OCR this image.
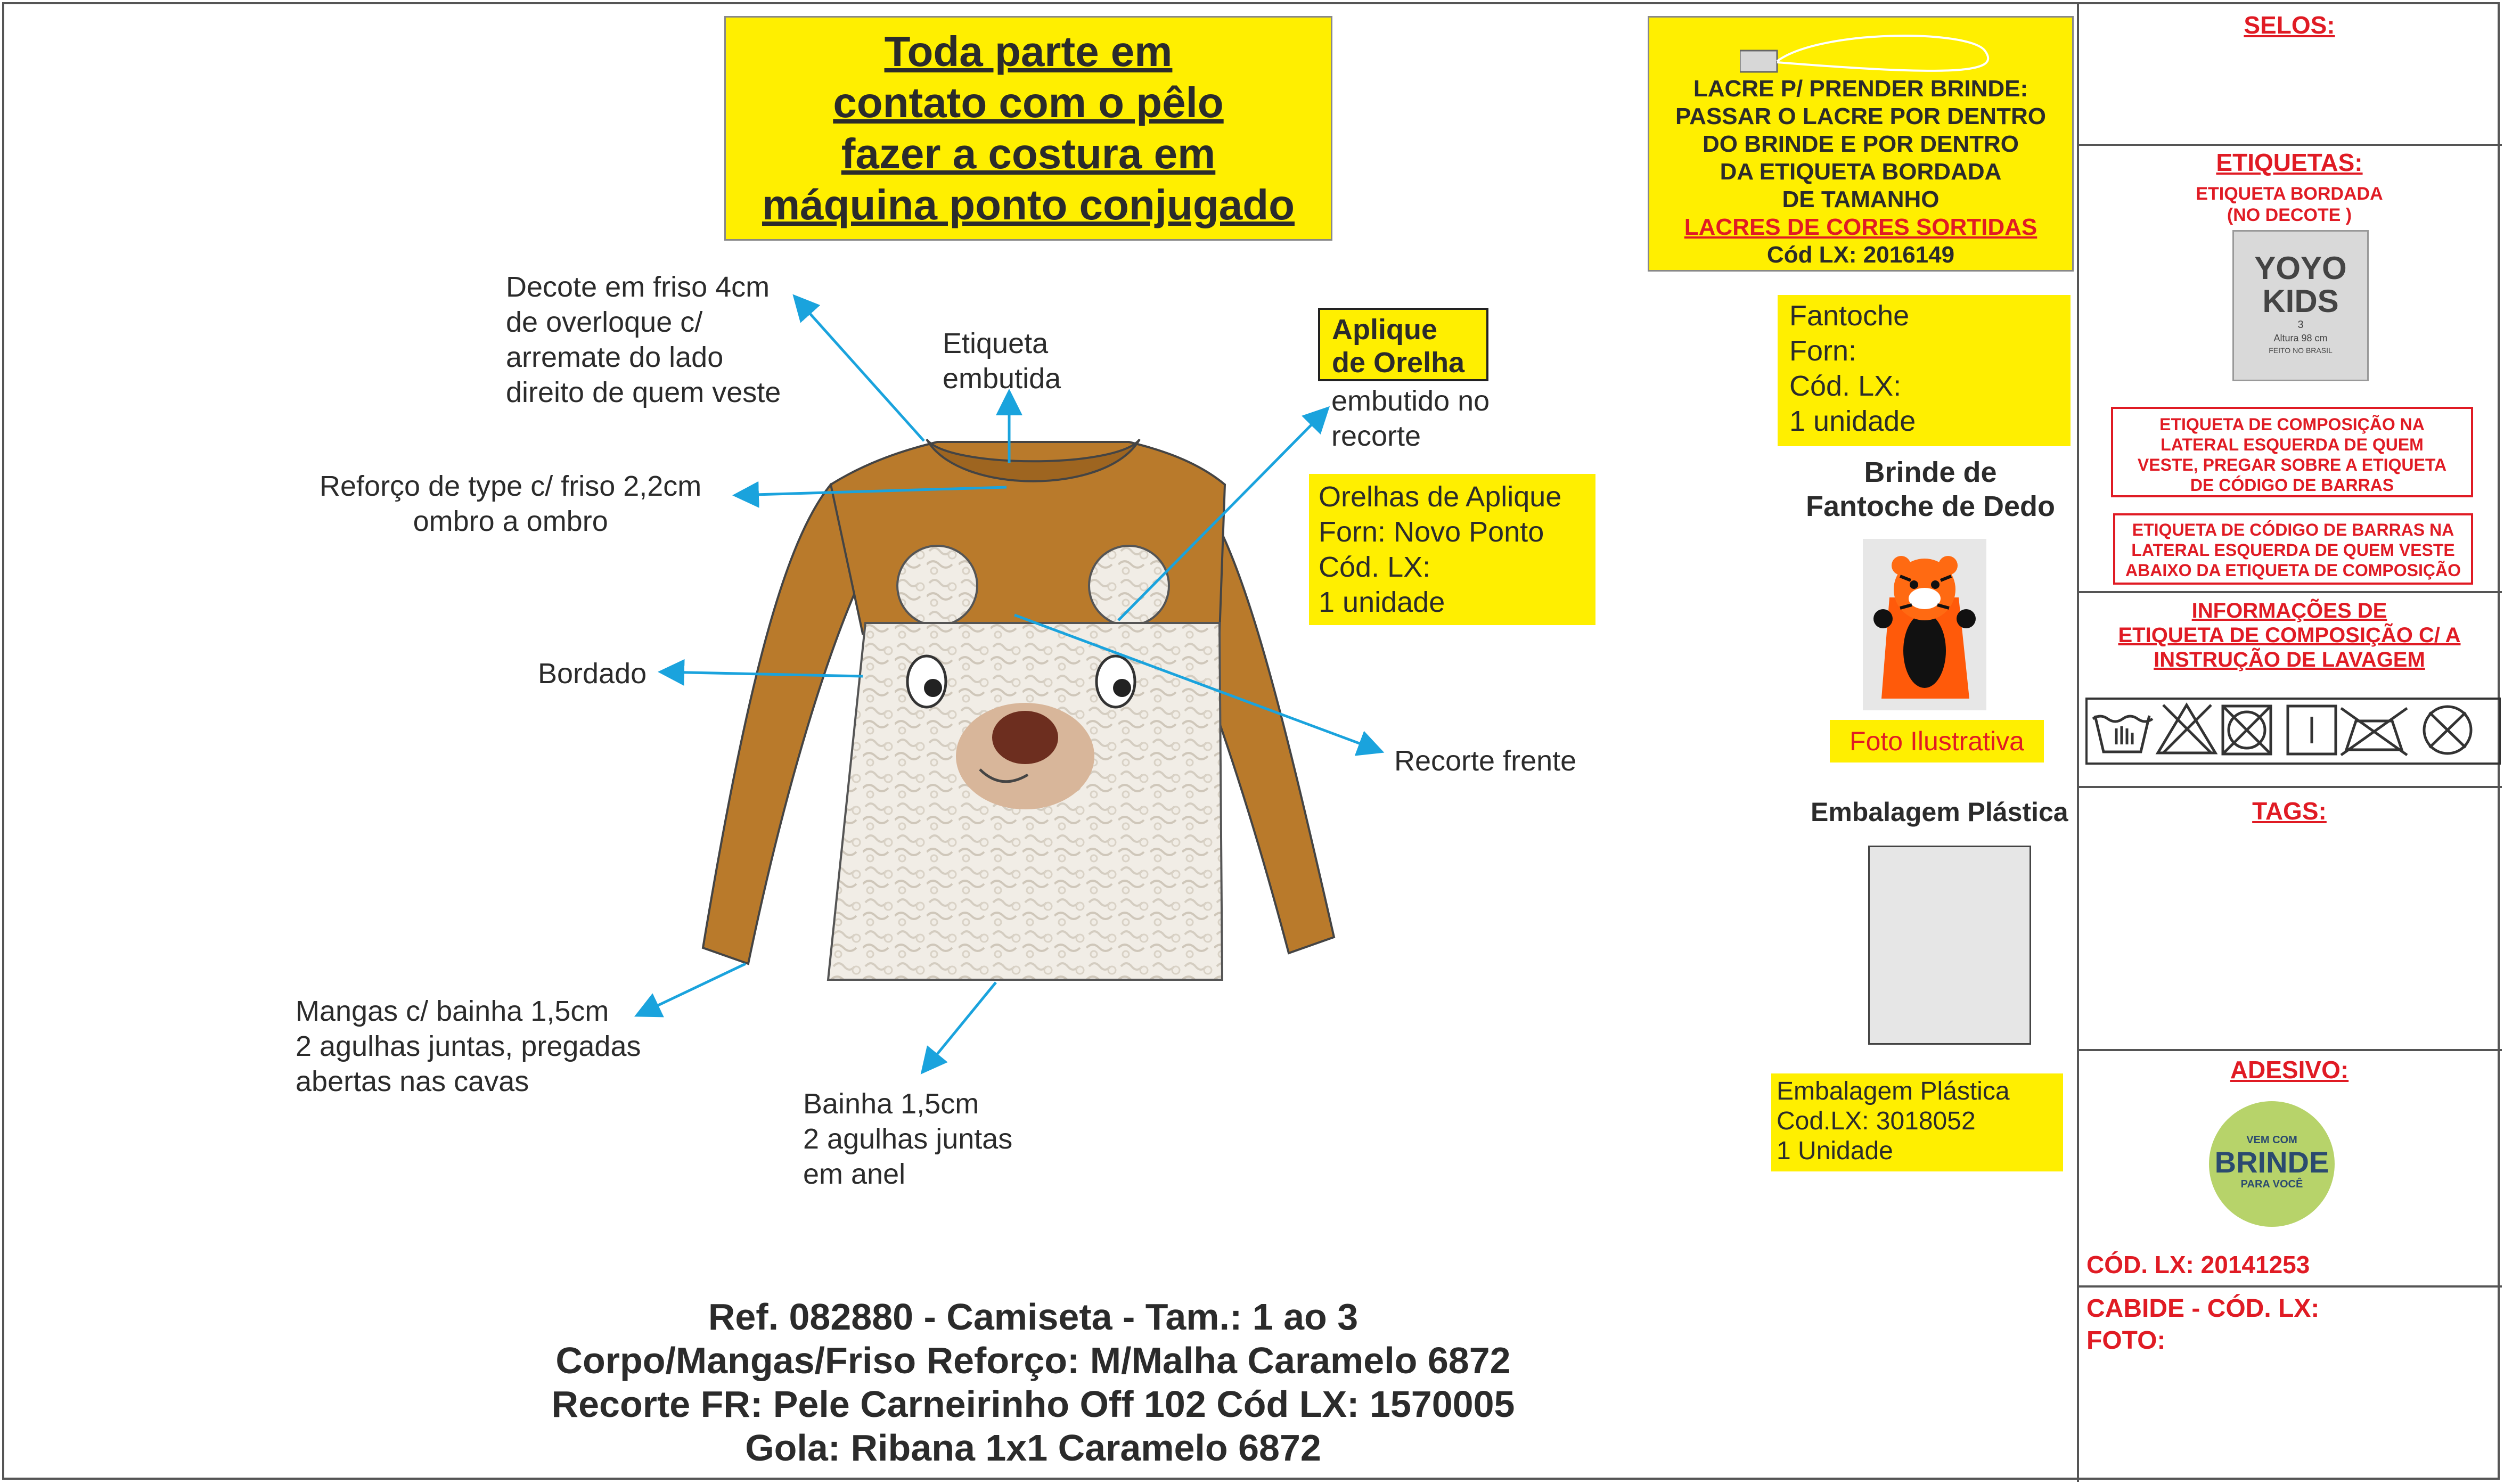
Toda parte em
contato com o pêlo
fazer a costura em
máquina ponto conjugado
Decote em friso 4cm
de overloque c/
arremate do lado
direito de quem veste
Etiqueta
embutida
Aplique
de Orelha
embutido no
recorte
Reforço de type c/ friso 2,2cm
ombro a ombro
Bordado
Recorte frente
Mangas c/ bainha 1,5cm
2 agulhas juntas, pregadas
abertas nas cavas
Bainha 1,5cm
2 agulhas juntas
em anel
Orelhas de Aplique
Forn: Novo Ponto
Cód. LX:
1 unidade
LACRE P/ PRENDER BRINDE:
PASSAR O LACRE POR DENTRO
DO BRINDE E POR DENTRO
DA ETIQUETA BORDADA
DE TAMANHO
LACRES DE CORES SORTIDAS
Cód LX: 2016149
Fantoche
Forn:
Cód. LX:
1 unidade
Brinde de
Fantoche de Dedo
Foto Ilustrativa
Embalagem Plástica
Embalagem Plástica
Cod.LX: 3018052
1 Unidade
Ref. 082880 - Camiseta - Tam.: 1 ao 3
Corpo/Mangas/Friso Reforço: M/Malha Caramelo 6872
Recorte FR: Pele Carneirinho Off 102 Cód LX: 1570005
Gola: Ribana 1x1 Caramelo 6872
SELOS:
ETIQUETAS:
ETIQUETA BORDADA
(NO DECOTE )
YOYO
KIDS
3
Altura 98 cm
FEITO NO BRASIL
ETIQUETA DE COMPOSIÇÃO NA
LATERAL ESQUERDA DE QUEM
VESTE, PREGAR SOBRE A ETIQUETA
DE CÓDIGO DE BARRAS
ETIQUETA DE CÓDIGO DE BARRAS NA
LATERAL ESQUERDA DE QUEM VESTE
ABAIXO DA ETIQUETA DE COMPOSIÇÃO
INFORMAÇÕES DE
ETIQUETA DE COMPOSIÇÃO C/ A
INSTRUÇÃO DE LAVAGEM
TAGS:
ADESIVO:
VEM COM
BRINDE
PARA VOCÊ
CÓD. LX: 20141253
CABIDE - CÓD. LX:
FOTO:
